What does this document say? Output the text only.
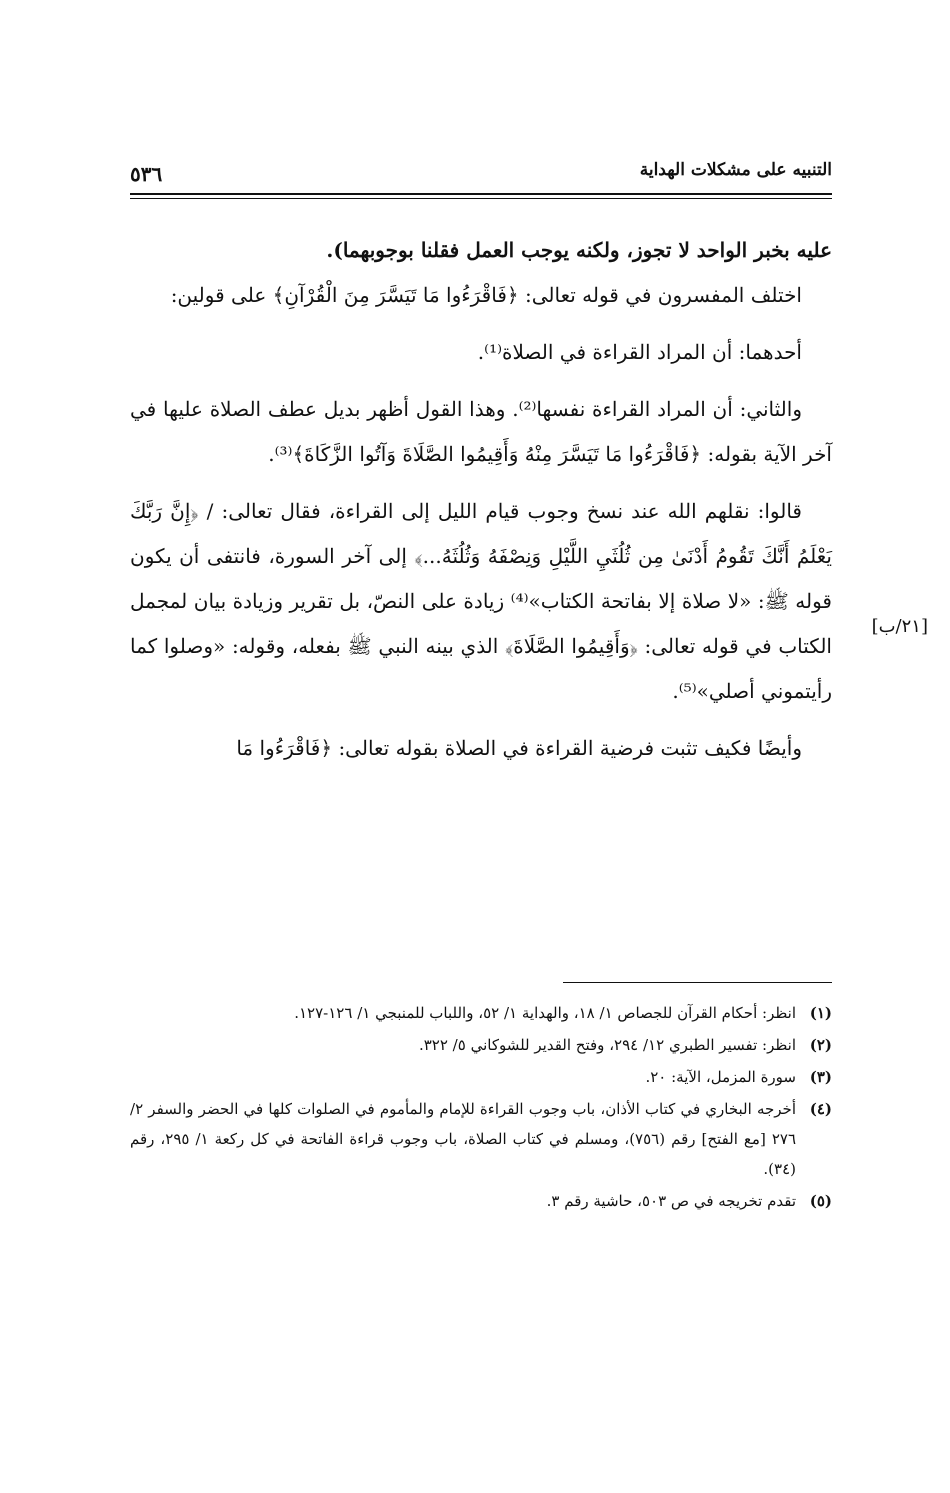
التنبيه على مشكلات الهداية
٥٣٦
[٢١/ب]

عليه بخبر الواحد لا تجوز، ولكنه يوجب العمل فقلنا بوجوبهما).

اختلف المفسرون في قوله تعالى: ﴿فَاقْرَءُوا مَا تَيَسَّرَ مِنَ الْقُرْآنِ﴾ على قولين:

أحدهما: أن المراد القراءة في الصلاة⁽¹⁾.

والثاني: أن المراد القراءة نفسها⁽²⁾. وهذا القول أظهر بديل عطف الصلاة عليها في آخر الآية بقوله: ﴿فَاقْرَءُوا مَا تَيَسَّرَ مِنْهُ وَأَقِيمُوا الصَّلَاةَ وَآتُوا الزَّكَاةَ﴾⁽³⁾.

قالوا: نقلهم الله عند نسخ وجوب قيام الليل إلى القراءة، فقال تعالى: / ﴿إِنَّ رَبَّكَ يَعْلَمُ أَنَّكَ تَقُومُ أَدْنَىٰ مِن ثُلُثَيِ اللَّيْلِ وَنِصْفَهُ وَثُلُثَهُ...﴾ إلى آخر السورة، فانتفى أن يكون قوله ﷺ: «لا صلاة إلا بفاتحة الكتاب»⁽⁴⁾ زيادة على النصّ، بل تقرير وزيادة بيان لمجمل الكتاب في قوله تعالى: ﴿وَأَقِيمُوا الصَّلَاةَ﴾ الذي بينه النبي ﷺ بفعله، وقوله: «وصلوا كما رأيتموني أصلي»⁽⁵⁾.

وأيضًا فكيف تثبت فرضية القراءة في الصلاة بقوله تعالى: ﴿فَاقْرَءُوا مَا

(١)
انظر: أحكام القرآن للجصاص ١/ ١٨، والهداية ١/ ٥٢، واللباب للمنبجي ١/ ١٢٦-١٢٧.
(٢)
انظر: تفسير الطبري ١٢/ ٢٩٤، وفتح القدير للشوكاني ٥/ ٣٢٢.
(٣)
سورة المزمل، الآية: ٢٠.
(٤)
أخرجه البخاري في كتاب الأذان، باب وجوب القراءة للإمام والمأموم في الصلوات كلها في الحضر والسفر ٢/ ٢٧٦ [مع الفتح] رقم (٧٥٦)، ومسلم في كتاب الصلاة، باب وجوب قراءة الفاتحة في كل ركعة ١/ ٢٩٥، رقم (٣٤).
(٥)
تقدم تخريجه في ص ٥٠٣، حاشية رقم ٣.
